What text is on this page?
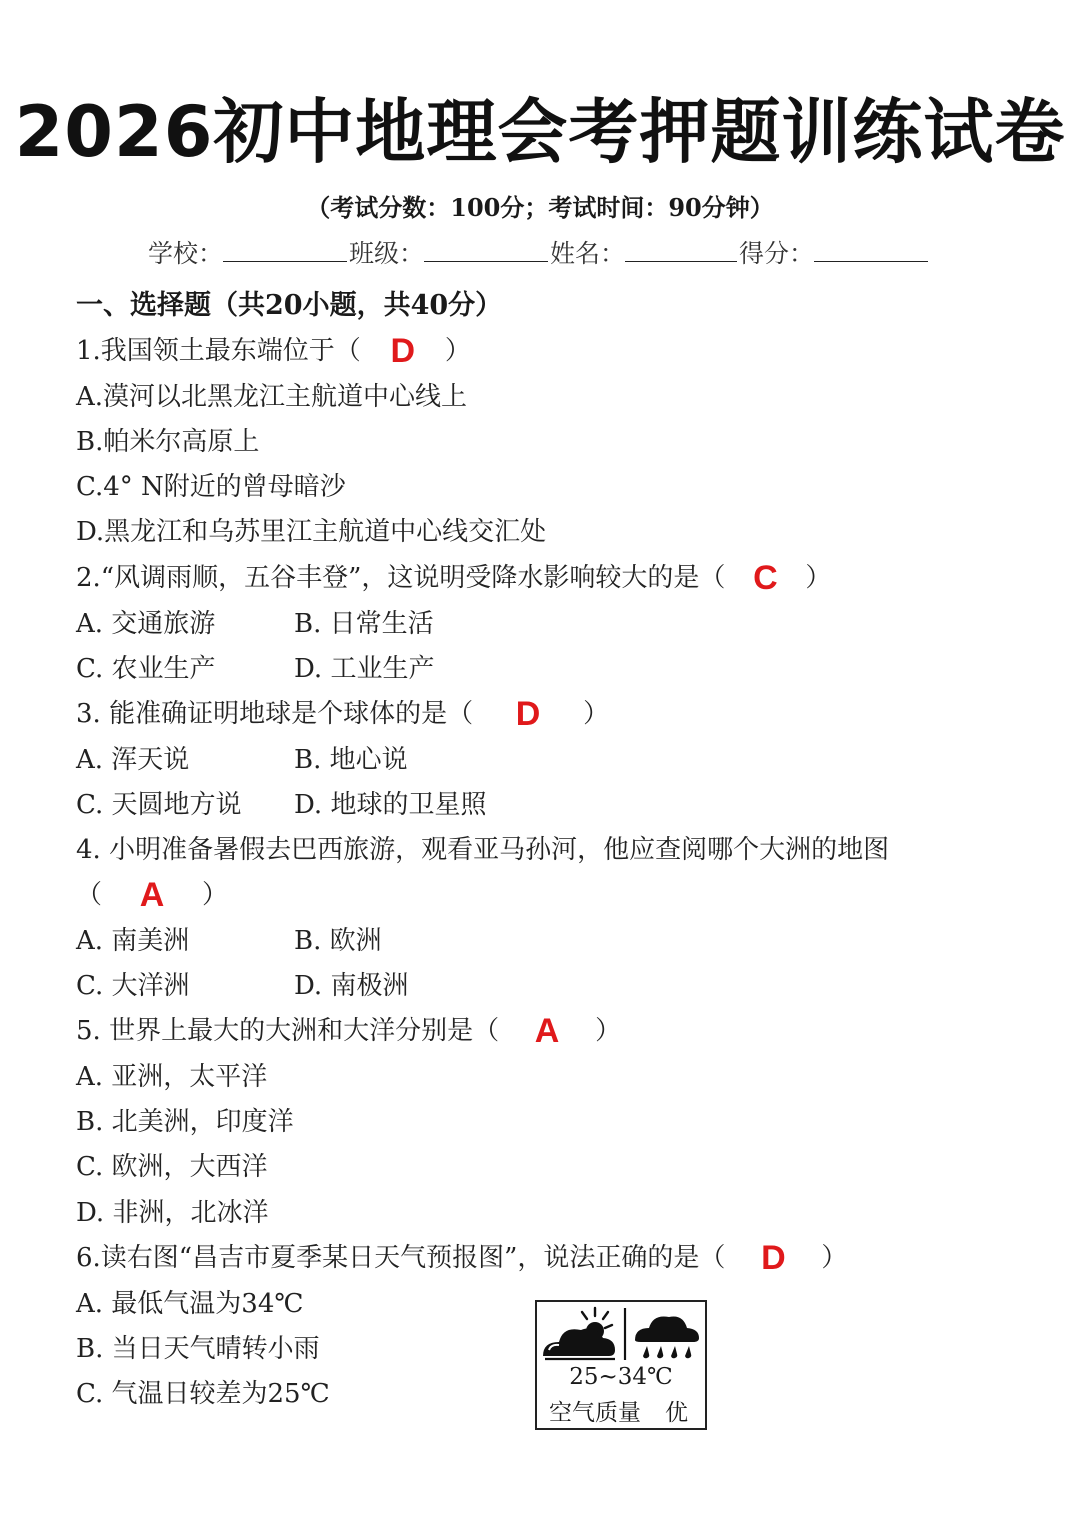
2026初中地理会考押题训练试卷
（考试分数：100分；考试时间：90分钟）
学校：	班级：	姓名：	得分：
一、选择题（共20小题，共40分）
1.我国领土最东端位于（ D ）
A.漠河以北黑龙江主航道中心线上
B.帕米尔高原上
C.4° N附近的曾母暗沙
D.黑龙江和乌苏里江主航道中心线交汇处
2.“风调雨顺，五谷丰登”，这说明受降水影响较大的是（ C ）
A. 交通旅游	B. 日常生活
C. 农业生产	D. 工业生产
3. 能准确证明地球是个球体的是（ D ）
A. 浑天说	B. 地心说
C. 天圆地方说 D. 地球的卫星照
4. 小明准备暑假去巴西旅游，观看亚马孙河，他应查阅哪个大洲的地图
（ A ）
A. 南美洲	B. 欧洲
C. 大洋洲	D. 南极洲
5. 世界上最大的大洲和大洋分别是（ A ）
A. 亚洲，太平洋
B. 北美洲，印度洋
C. 欧洲，大西洋
D. 非洲，北冰洋
6.读右图“昌吉市夏季某日天气预报图”，说法正确的是（ D ）
A. 最低气温为34℃
B. 当日天气晴转小雨
C. 气温日较差为25℃
25~34℃
空气质量 优
